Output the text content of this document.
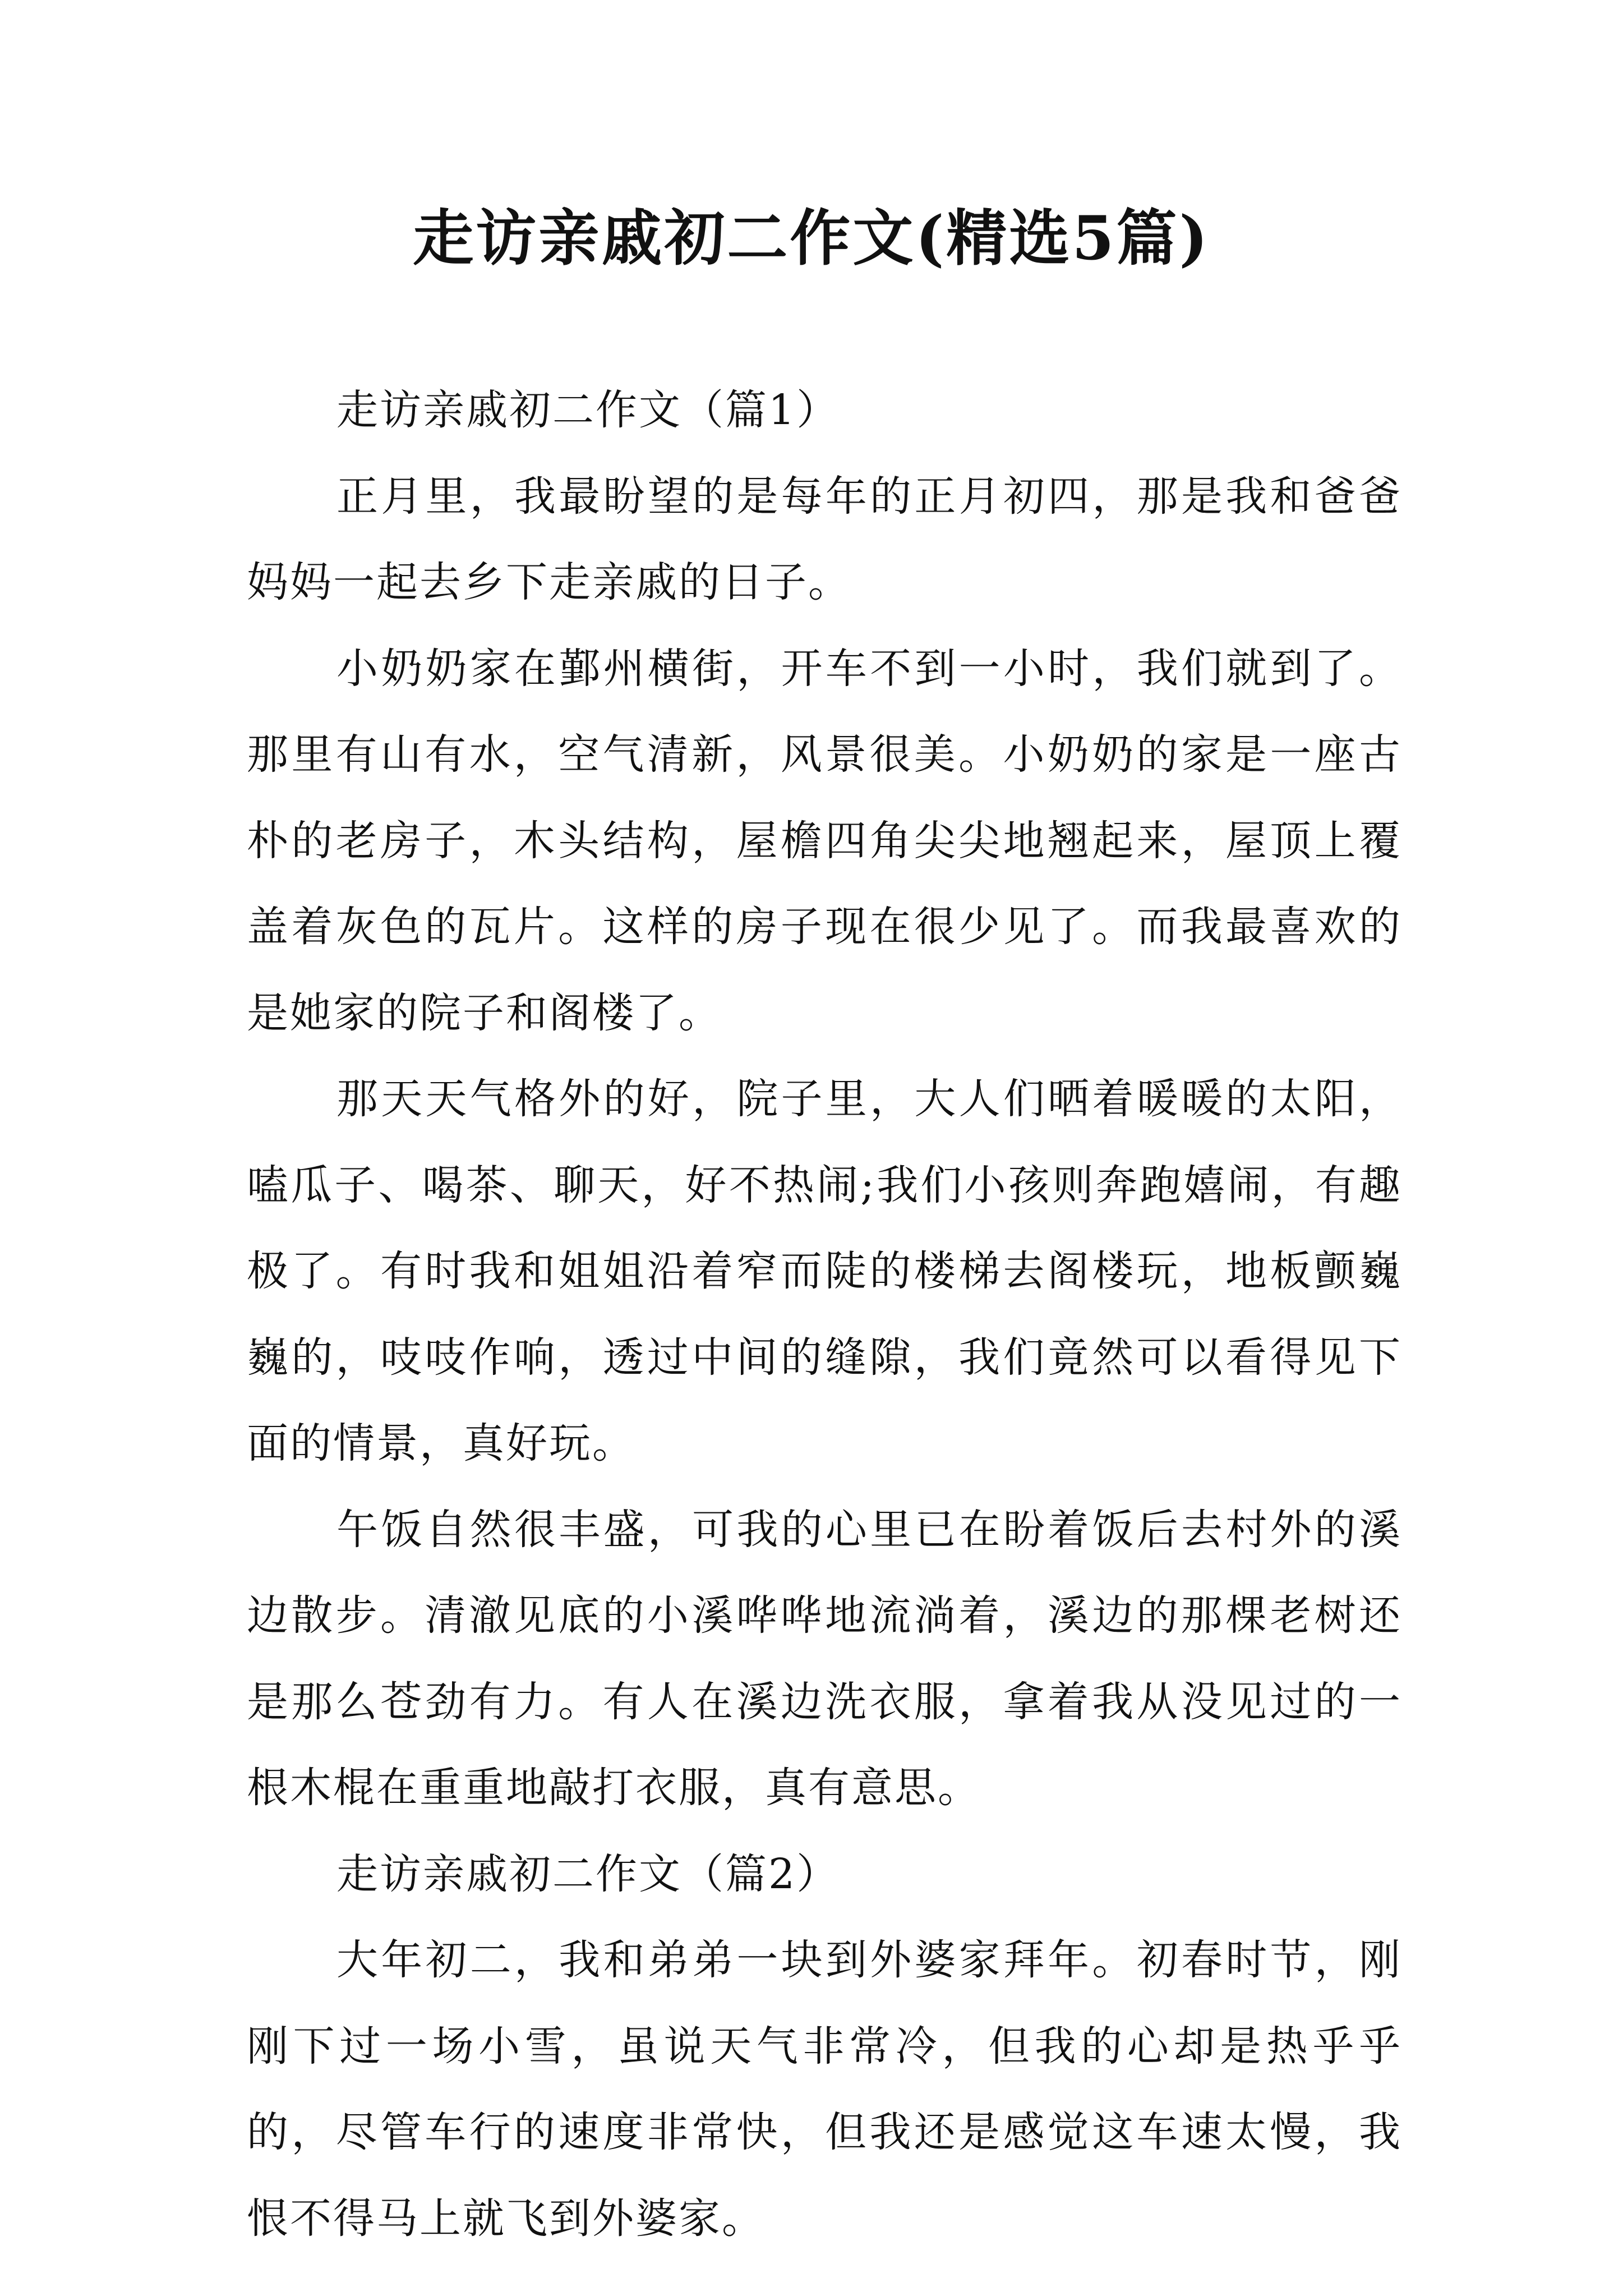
走访亲戚初二作文(精选5篇)

走访亲戚初二作文（篇1）

正月里，我最盼望的是每年的正月初四，那是我和爸爸妈妈一起去乡下走亲戚的日子。

小奶奶家在鄞州横街，开车不到一小时，我们就到了。那里有山有水，空气清新，风景很美。小奶奶的家是一座古朴的老房子，木头结构，屋檐四角尖尖地翘起来，屋顶上覆盖着灰色的瓦片。这样的房子现在很少见了。而我最喜欢的是她家的院子和阁楼了。

那天天气格外的好，院子里，大人们晒着暖暖的太阳，嗑瓜子、喝茶、聊天，好不热闹;我们小孩则奔跑嬉闹，有趣极了。有时我和姐姐沿着窄而陡的楼梯去阁楼玩，地板颤巍巍的，吱吱作响，透过中间的缝隙，我们竟然可以看得见下面的情景，真好玩。

午饭自然很丰盛，可我的心里已在盼着饭后去村外的溪边散步。清澈见底的小溪哗哗地流淌着，溪边的那棵老树还是那么苍劲有力。有人在溪边洗衣服，拿着我从没见过的一根木棍在重重地敲打衣服，真有意思。

走访亲戚初二作文（篇2）

大年初二，我和弟弟一块到外婆家拜年。初春时节，刚刚下过一场小雪，虽说天气非常冷，但我的心却是热乎乎的，尽管车行的速度非常快，但我还是感觉这车速太慢，我恨不得马上就飞到外婆家。
